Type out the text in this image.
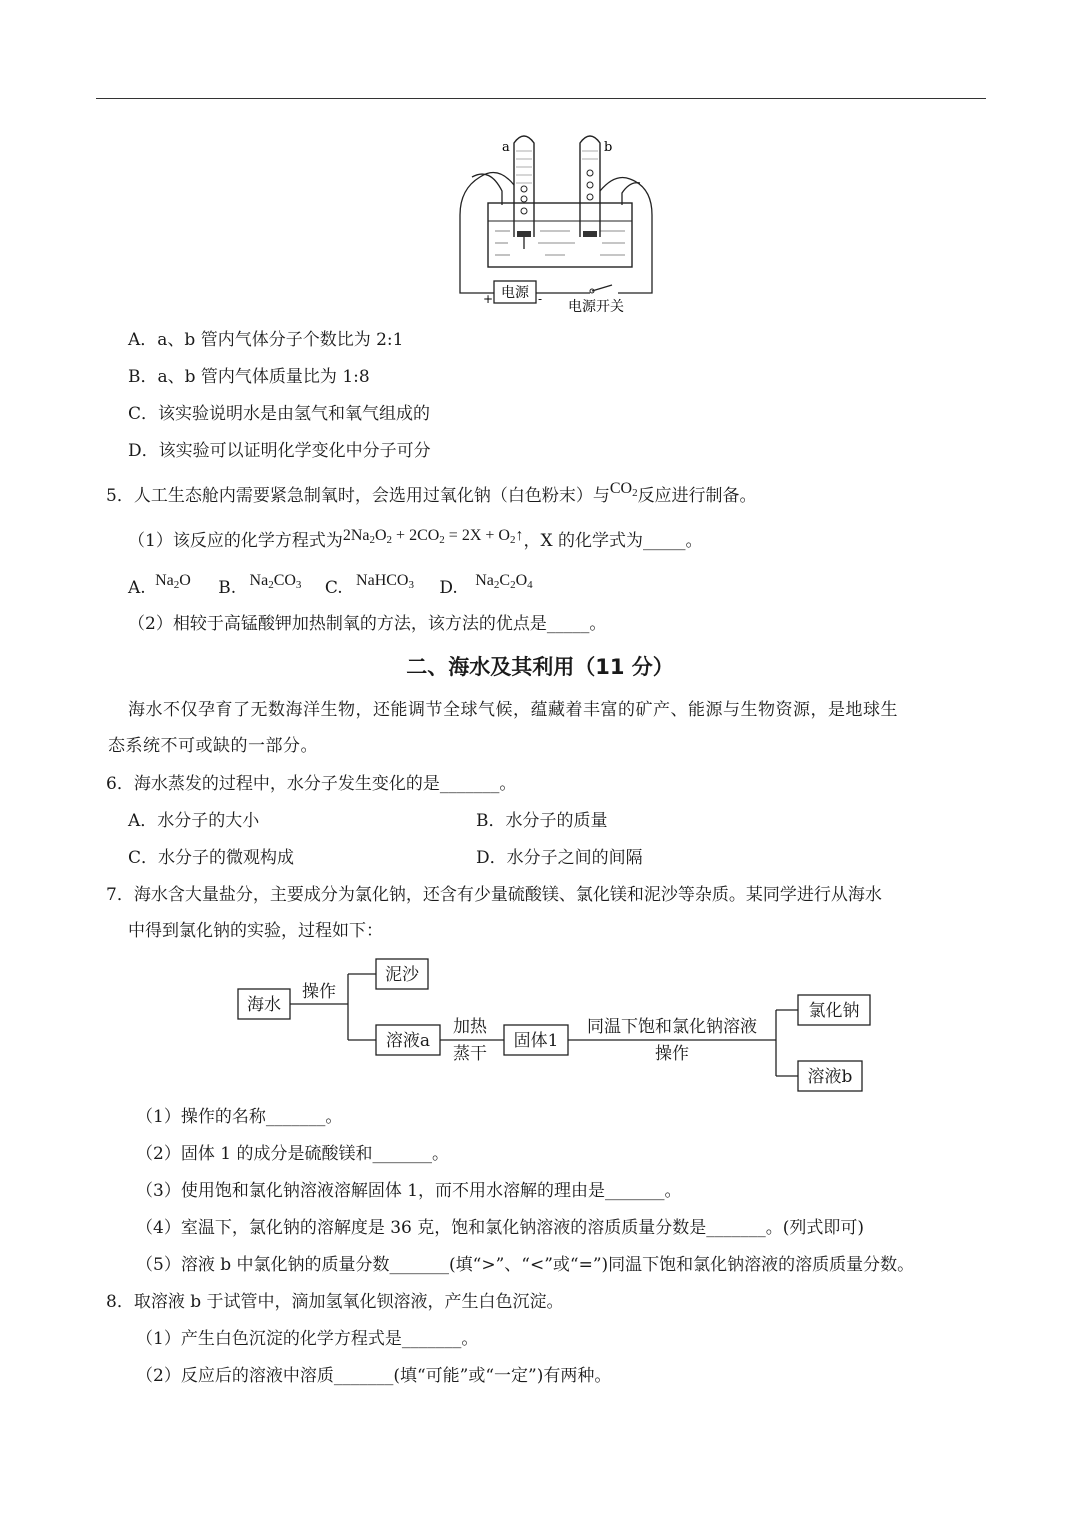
电源
+	-
a	b
电源开关
A．a、b 管内气体分子个数比为 2:1
B．a、b 管内气体质量比为 1:8
C．该实验说明水是由氢气和氧气组成的
D．该实验可以证明化学变化中分子可分
5．人工生态舱内需要紧急制氧时，会选用过氧化钠（白色粉末）与$CO_2$反应进行制备。
（1）该反应的化学方程式为$2Na_2O_2 + 2CO_2 = 2X$ + $O_2↑$，X 的化学式为_____。
A. $Na_2O$ B. $Na_2CO_3$ C. NaHCO$_3$ D. $Na_2C_2O_4$
（2）相较于高锰酸钾加热制氧的方法，该方法的优点是_____。
二、海水及其利用（11 分）
海水不仅孕育了无数海洋生物，还能调节全球气候，蕴藏着丰富的矿产、能源与生物资源，是地球生
态系统不可或缺的一部分。
6．海水蒸发的过程中，水分子发生变化的是_______。
A．水分子的大小	B．水分子的质量
C．水分子的微观构成	D．水分子之间的间隔
7．海水含大量盐分，主要成分为氯化钠，还含有少量硫酸镁、氯化镁和泥沙等杂质。某同学进行从海水
中得到氯化钠的实验，过程如下：
海水
操作
泥沙
溶液a
加热
蒸干
固体1
同温下饱和氯化钠溶液
操作
氯化钠
溶液b
（1）操作的名称_______。
（2）固体 1 的成分是硫酸镁和_______。
（3）使用饱和氯化钠溶液溶解固体 1，而不用水溶解的理由是_______。
（4）室温下，氯化钠的溶解度是 36 克，饱和氯化钠溶液的溶质质量分数是_______。(列式即可)
（5）溶液 b 中氯化钠的质量分数_______(填“>”、“<”或“=”)同温下饱和氯化钠溶液的溶质质量分数。
8．取溶液 b 于试管中，滴加氢氧化钡溶液，产生白色沉淀。
（1）产生白色沉淀的化学方程式是_______。
（2）反应后的溶液中溶质_______(填“可能”或“一定”)有两种。
